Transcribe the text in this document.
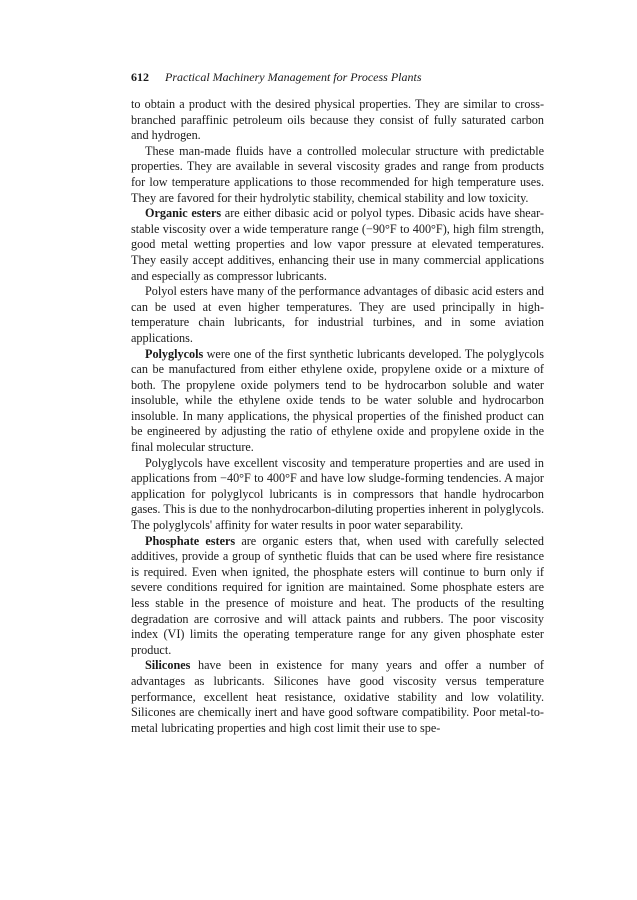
612 Practical Machinery Management for Process Plants

to obtain a product with the desired physical properties. They are similar to cross-branched paraffinic petroleum oils because they consist of fully saturated carbon and hydrogen.

These man-made fluids have a controlled molecular structure with predictable properties. They are available in several viscosity grades and range from products for low temperature applications to those recommended for high temperature uses. They are favored for their hydrolytic stability, chemical stability and low toxicity.

Organic esters are either dibasic acid or polyol types. Dibasic acids have shear-stable viscosity over a wide temperature range (−90°F to 400°F), high film strength, good metal wetting properties and low vapor pressure at elevated temperatures. They easily accept additives, enhancing their use in many commercial applications and especially as compressor lubricants.

Polyol esters have many of the performance advantages of dibasic acid esters and can be used at even higher temperatures. They are used principally in high-temperature chain lubricants, for industrial turbines, and in some aviation applications.

Polyglycols were one of the first synthetic lubricants developed. The polyglycols can be manufactured from either ethylene oxide, propylene oxide or a mixture of both. The propylene oxide polymers tend to be hydrocarbon soluble and water insoluble, while the ethylene oxide tends to be water soluble and hydrocarbon insoluble. In many applications, the physical properties of the finished product can be engineered by adjusting the ratio of ethylene oxide and propylene oxide in the final molecular structure.

Polyglycols have excellent viscosity and temperature properties and are used in applications from −40°F to 400°F and have low sludge-forming tendencies. A major application for polyglycol lubricants is in compressors that handle hydrocarbon gases. This is due to the nonhydrocarbon-diluting properties inherent in polyglycols. The polyglycols' affinity for water results in poor water separability.

Phosphate esters are organic esters that, when used with carefully selected additives, provide a group of synthetic fluids that can be used where fire resistance is required. Even when ignited, the phosphate esters will continue to burn only if severe conditions required for ignition are maintained. Some phosphate esters are less stable in the presence of moisture and heat. The products of the resulting degradation are corrosive and will attack paints and rubbers. The poor viscosity index (VI) limits the operating temperature range for any given phosphate ester product.

Silicones have been in existence for many years and offer a number of advantages as lubricants. Silicones have good viscosity versus temperature performance, excellent heat resistance, oxidative stability and low volatility. Silicones are chemically inert and have good software compatibility. Poor metal-to-metal lubricating properties and high cost limit their use to spe-
